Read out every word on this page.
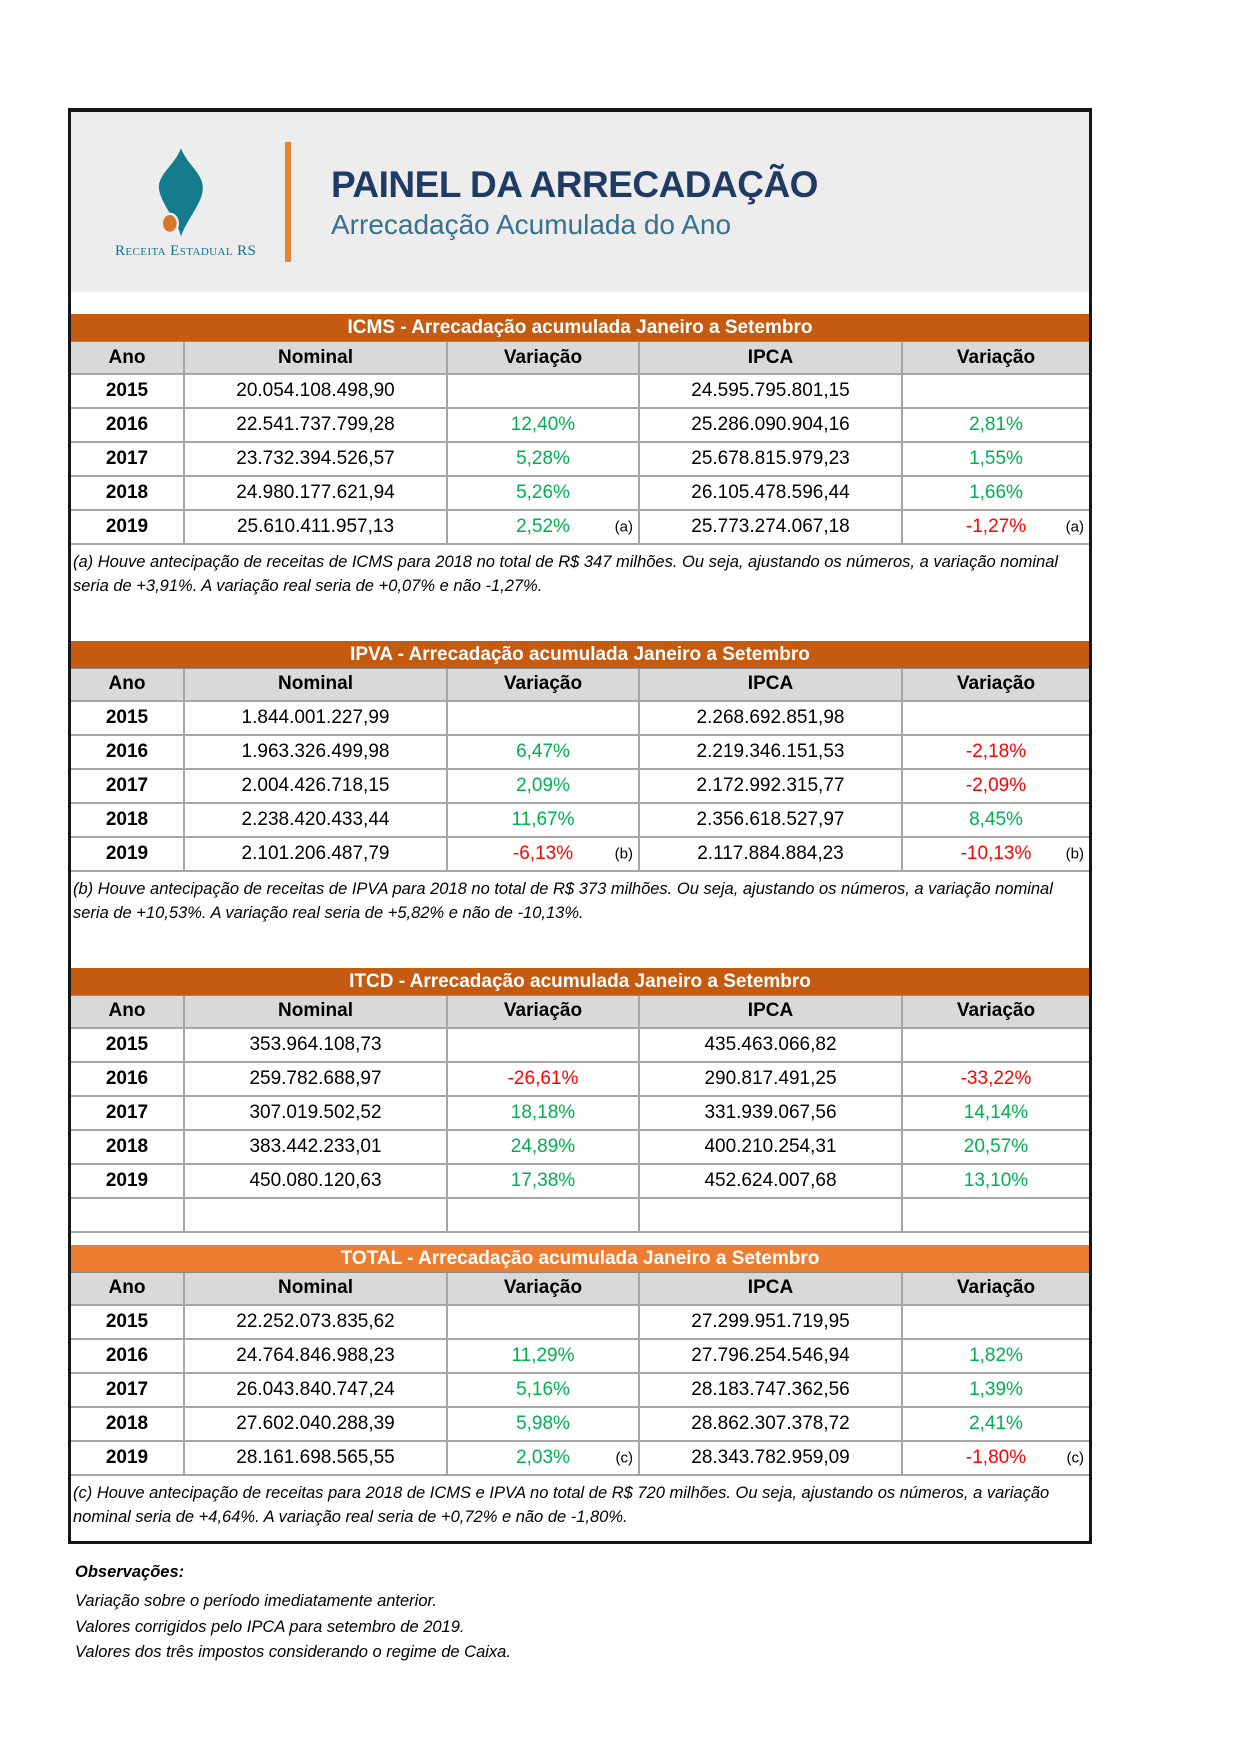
Receita Estadual RS
PAINEL DA ARRECADAÇÃO
Arrecadação Acumulada do Ano
ICMS - Arrecadação acumulada Janeiro a Setembro
Ano	Nominal	Variação	IPCA	Variação
2015	20.054.108.498,90		24.595.795.801,15	
2016	22.541.737.799,28	12,40%	25.286.090.904,16	2,81%
2017	23.732.394.526,57	5,28%	25.678.815.979,23	1,55%
2018	24.980.177.621,94	5,26%	26.105.478.596,44	1,66%
2019	25.610.411.957,13	2,52% (a)	25.773.274.067,18	-1,27% (a)

(a) Houve antecipação de receitas de ICMS para 2018 no total de R$ 347 milhões. Ou seja, ajustando os números, a variação nominal seria de +3,91%. A variação real seria de +0,07% e não -1,27%.

IPVA - Arrecadação acumulada Janeiro a Setembro
Ano	Nominal	Variação	IPCA	Variação
2015	1.844.001.227,99		2.268.692.851,98	
2016	1.963.326.499,98	6,47%	2.219.346.151,53	-2,18%
2017	2.004.426.718,15	2,09%	2.172.992.315,77	-2,09%
2018	2.238.420.433,44	11,67%	2.356.618.527,97	8,45%
2019	2.101.206.487,79	-6,13% (b)	2.117.884.884,23	-10,13% (b)

(b) Houve antecipação de receitas de IPVA para 2018 no total de R$ 373 milhões. Ou seja, ajustando os números, a variação nominal seria de +10,53%. A variação real seria de +5,82% e não de -10,13%.

ITCD - Arrecadação acumulada Janeiro a Setembro
Ano	Nominal	Variação	IPCA	Variação
2015	353.964.108,73		435.463.066,82	
2016	259.782.688,97	-26,61%	290.817.491,25	-33,22%
2017	307.019.502,52	18,18%	331.939.067,56	14,14%
2018	383.442.233,01	24,89%	400.210.254,31	20,57%
2019	450.080.120,63	17,38%	452.624.007,68	13,10%

TOTAL - Arrecadação acumulada Janeiro a Setembro
Ano	Nominal	Variação	IPCA	Variação
2015	22.252.073.835,62		27.299.951.719,95	
2016	24.764.846.988,23	11,29%	27.796.254.546,94	1,82%
2017	26.043.840.747,24	5,16%	28.183.747.362,56	1,39%
2018	27.602.040.288,39	5,98%	28.862.307.378,72	2,41%
2019	28.161.698.565,55	2,03% (c)	28.343.782.959,09	-1,80% (c)

(c) Houve antecipação de receitas para 2018 de ICMS e IPVA no total de R$ 720 milhões. Ou seja, ajustando os números, a variação nominal seria de +4,64%. A variação real seria de +0,72% e não de -1,80%.

Observações:
Variação sobre o período imediatamente anterior.
Valores corrigidos pelo IPCA para setembro de 2019.
Valores dos três impostos considerando o regime de Caixa.
